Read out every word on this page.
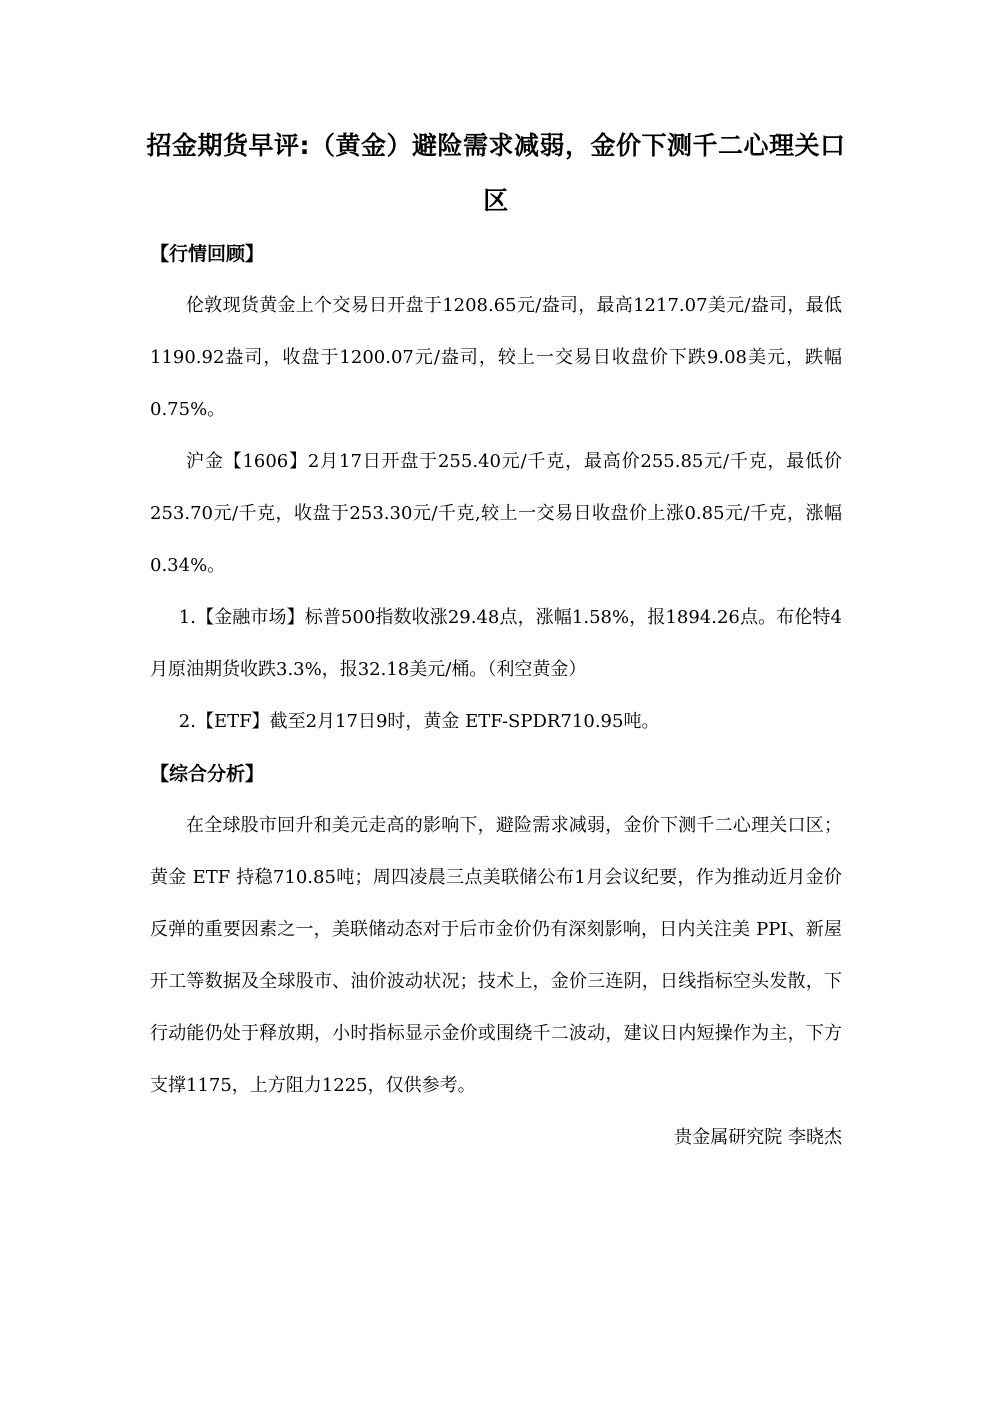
招金期货早评:（黄金）避险需求减弱，金价下测千二心理关口区

【行情回顾】

伦敦现货黄金上个交易日开盘于1208.65元/盎司，最高1217.07美元/盎司，最低1190.92盎司，收盘于1200.07元/盎司，较上一交易日收盘价下跌9.08美元，跌幅0.75%。

沪金【1606】2月17日开盘于255.40元/千克，最高价255.85元/千克，最低价253.70元/千克，收盘于253.30元/千克,较上一交易日收盘价上涨0.85元/千克，涨幅0.34%。

1.【金融市场】标普500指数收涨29.48点，涨幅1.58%，报1894.26点。布伦特4月原油期货收跌3.3%，报32.18美元/桶。（利空黄金）

2.【ETF】截至2月17日9时，黄金 ETF-SPDR710.95吨。

【综合分析】

在全球股市回升和美元走高的影响下，避险需求减弱，金价下测千二心理关口区；黄金 ETF 持稳710.85吨；周四凌晨三点美联储公布1月会议纪要，作为推动近月金价反弹的重要因素之一，美联储动态对于后市金价仍有深刻影响，日内关注美 PPI、新屋开工等数据及全球股市、油价波动状况；技术上，金价三连阴，日线指标空头发散，下行动能仍处于释放期，小时指标显示金价或围绕千二波动，建议日内短操作为主，下方支撑1175，上方阻力1225，仅供参考。

贵金属研究院 李晓杰
